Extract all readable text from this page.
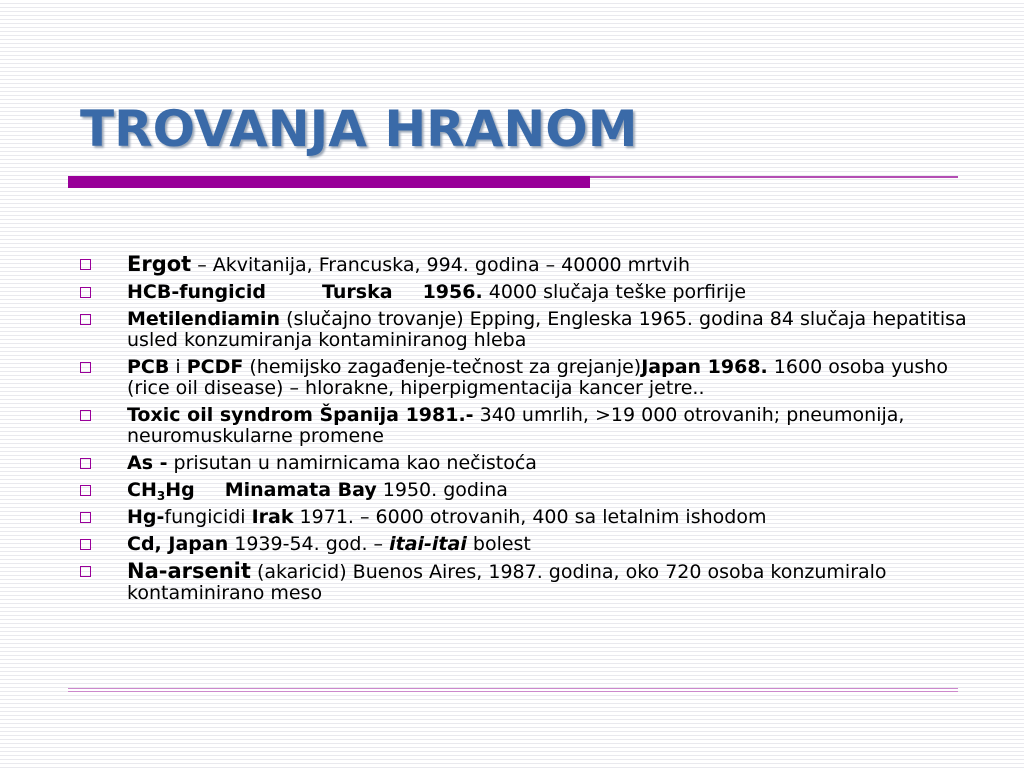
TROVANJA HRANOM
Ergot – Akvitanija, Francuska, 994. godina – 40000 mrtvih
HCB-fungicid	Turska 1956. 4000 slučaja teške porfirije
Metilendiamin (slučajno trovanje) Epping, Engleska 1965. godina 84 slučaja hepatitisa usled konzumiranja kontaminiranog hleba
PCB i PCDF (hemijsko zagađenje-tečnost za grejanje)Japan 1968. 1600 osoba yusho (rice oil disease) – hlorakne, hiperpigmentacija kancer jetre..
Toxic oil syndrom Španija 1981.- 340 umrlih, >19 000 otrovanih; pneumonija, neuromuskularne promene
As - prisutan u namirnicama kao nečistoća
$CH_3Hg$ Minamata Bay 1950. godina
Hg-fungicidi Irak 1971. – 6000 otrovanih, 400 sa letalnim ishodom
Cd, Japan 1939-54. god. – itai-itai bolest
Na-arsenit (akaricid) Buenos Aires, 1987. godina, oko 720 osoba konzumiralo kontaminirano meso
